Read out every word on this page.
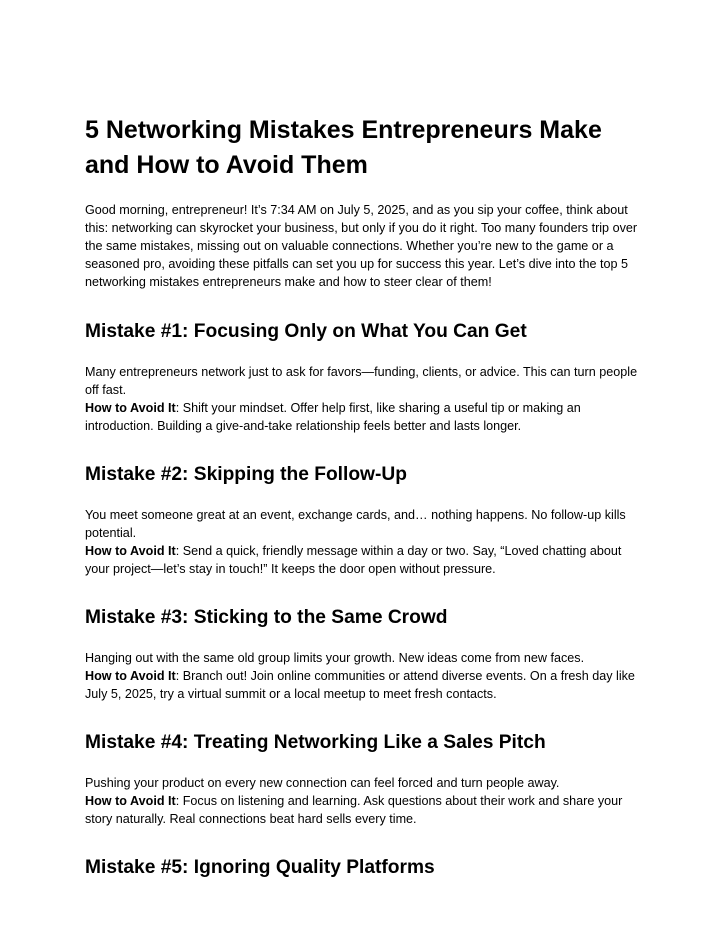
5 Networking Mistakes Entrepreneurs Make and How to Avoid Them

Good morning, entrepreneur! It’s 7:34 AM on July 5, 2025, and as you sip your coffee, think about this: networking can skyrocket your business, but only if you do it right. Too many founders trip over the same mistakes, missing out on valuable connections. Whether you’re new to the game or a seasoned pro, avoiding these pitfalls can set you up for success this year. Let’s dive into the top 5 networking mistakes entrepreneurs make and how to steer clear of them!

Mistake #1: Focusing Only on What You Can Get

Many entrepreneurs network just to ask for favors—funding, clients, or advice. This can turn people off fast.

How to Avoid It: Shift your mindset. Offer help first, like sharing a useful tip or making an introduction. Building a give-and-take relationship feels better and lasts longer.

Mistake #2: Skipping the Follow-Up

You meet someone great at an event, exchange cards, and… nothing happens. No follow-up kills potential.

How to Avoid It: Send a quick, friendly message within a day or two. Say, “Loved chatting about your project—let’s stay in touch!” It keeps the door open without pressure.

Mistake #3: Sticking to the Same Crowd

Hanging out with the same old group limits your growth. New ideas come from new faces.

How to Avoid It: Branch out! Join online communities or attend diverse events. On a fresh day like July 5, 2025, try a virtual summit or a local meetup to meet fresh contacts.

Mistake #4: Treating Networking Like a Sales Pitch

Pushing your product on every new connection can feel forced and turn people away.

How to Avoid It: Focus on listening and learning. Ask questions about their work and share your story naturally. Real connections beat hard sells every time.

Mistake #5: Ignoring Quality Platforms
